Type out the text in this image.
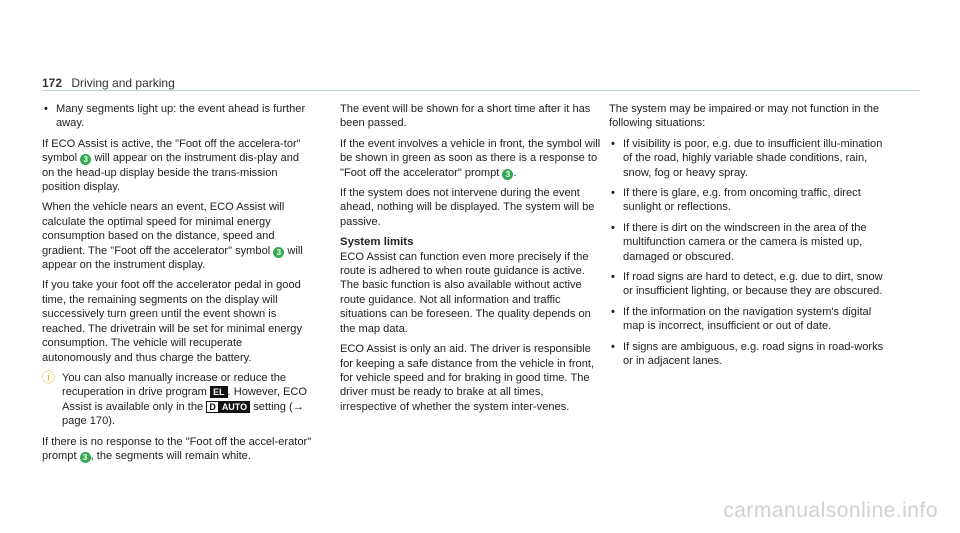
172 Driving and parking
• Many segments light up: the event ahead is further away.

If ECO Assist is active, the "Foot off the accelera-tor" symbol 3 will appear on the instrument dis-play and on the head-up display beside the trans-mission position display.

When the vehicle nears an event, ECO Assist will calculate the optimal speed for minimal energy consumption based on the distance, speed and gradient. The "Foot off the accelerator" symbol 3 will appear on the instrument display.

If you take your foot off the accelerator pedal in good time, the remaining segments on the display will successively turn green until the event shown is reached. The drivetrain will be set for minimal energy consumption. The vehicle will recuperate autonomously and thus charge the battery.

ⓘ You can also manually increase or reduce the recuperation in drive program EL . However, ECO Assist is available only in the D AUTO setting (→ page 170).

If there is no response to the "Foot off the accel-erator" prompt 3 , the segments will remain white.

The event will be shown for a short time after it has been passed.

If the event involves a vehicle in front, the symbol will be shown in green as soon as there is a response to "Foot off the accelerator" prompt 3 .

If the system does not intervene during the event ahead, nothing will be displayed. The system will be passive.

System limits

ECO Assist can function even more precisely if the route is adhered to when route guidance is active. The basic function is also available without active route guidance. Not all information and traffic situations can be foreseen. The quality depends on the map data.

ECO Assist is only an aid. The driver is responsible for keeping a safe distance from the vehicle in front, for vehicle speed and for braking in good time. The driver must be ready to brake at all times, irrespective of whether the system inter-venes.

The system may be impaired or may not function in the following situations:

• If visibility is poor, e.g. due to insufficient illu-mination of the road, highly variable shade conditions, rain, snow, fog or heavy spray.
• If there is glare, e.g. from oncoming traffic, direct sunlight or reflections.
• If there is dirt on the windscreen in the area of the multifunction camera or the camera is misted up, damaged or obscured.
• If road signs are hard to detect, e.g. due to dirt, snow or insufficient lighting, or because they are obscured.
• If the information on the navigation system's digital map is incorrect, insufficient or out of date.
• If signs are ambiguous, e.g. road signs in road-works or in adjacent lanes.
carmanualsonline.info
